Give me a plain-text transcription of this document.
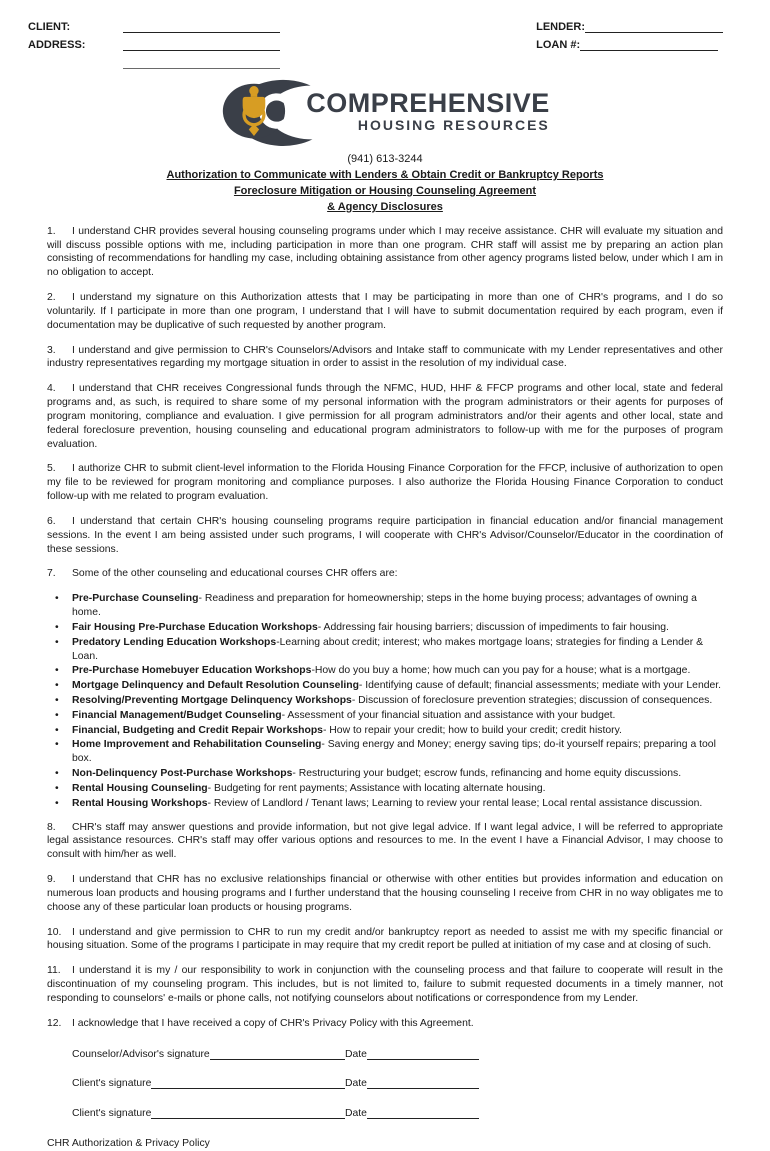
CLIENT:
ADDRESS:
LENDER:
LOAN #:
COMPREHENSIVE
HOUSING RESOURCES
(941) 613-3244
Authorization to Communicate with Lenders & Obtain Credit or Bankruptcy Reports
Foreclosure Mitigation or Housing Counseling Agreement
& Agency Disclosures

1. I understand CHR provides several housing counseling programs under which I may receive assistance. CHR will evaluate my situation and will discuss possible options with me, including participation in more than one program. CHR staff will assist me by preparing an action plan consisting of recommendations for handling my case, including obtaining assistance from other agency programs listed below, under which I am in no obligation to accept.

2. I understand my signature on this Authorization attests that I may be participating in more than one of CHR's programs, and I do so voluntarily. If I participate in more than one program, I understand that I will have to submit documentation required by each program, even if documentation may be duplicative of such requested by another program.

3. I understand and give permission to CHR's Counselors/Advisors and Intake staff to communicate with my Lender representatives and other industry representatives regarding my mortgage situation in order to assist in the resolution of my individual case.

4. I understand that CHR receives Congressional funds through the NFMC, HUD, HHF & FFCP programs and other local, state and federal programs and, as such, is required to share some of my personal information with the program administrators or their agents for purposes of program monitoring, compliance and evaluation. I give permission for all program administrators and/or their agents and other local, state and federal foreclosure prevention, housing counseling and educational program administrators to follow-up with me for the purposes of program evaluation.

5. I authorize CHR to submit client-level information to the Florida Housing Finance Corporation for the FFCP, inclusive of authorization to open my file to be reviewed for program monitoring and compliance purposes. I also authorize the Florida Housing Finance Corporation to conduct follow-up with me related to program evaluation.

6. I understand that certain CHR's housing counseling programs require participation in financial education and/or financial management sessions. In the event I am being assisted under such programs, I will cooperate with CHR's Advisor/Counselor/Educator in the coordination of these sessions.

7. Some of the other counseling and educational courses CHR offers are:

• Pre-Purchase Counseling- Readiness and preparation for homeownership; steps in the home buying process; advantages of owning a home.
• Fair Housing Pre-Purchase Education Workshops- Addressing fair housing barriers; discussion of impediments to fair housing.
• Predatory Lending Education Workshops-Learning about credit; interest; who makes mortgage loans; strategies for finding a Lender & Loan.
• Pre-Purchase Homebuyer Education Workshops-How do you buy a home; how much can you pay for a house; what is a mortgage.
• Mortgage Delinquency and Default Resolution Counseling- Identifying cause of default; financial assessments; mediate with your Lender.
• Resolving/Preventing Mortgage Delinquency Workshops- Discussion of foreclosure prevention strategies; discussion of consequences.
• Financial Management/Budget Counseling- Assessment of your financial situation and assistance with your budget.
• Financial, Budgeting and Credit Repair Workshops- How to repair your credit; how to build your credit; credit history.
• Home Improvement and Rehabilitation Counseling- Saving energy and Money; energy saving tips; do-it yourself repairs; preparing a tool box.
• Non-Delinquency Post-Purchase Workshops- Restructuring your budget; escrow funds, refinancing and home equity discussions.
• Rental Housing Counseling- Budgeting for rent payments; Assistance with locating alternate housing.
• Rental Housing Workshops- Review of Landlord / Tenant laws; Learning to review your rental lease; Local rental assistance discussion.

8. CHR's staff may answer questions and provide information, but not give legal advice. If I want legal advice, I will be referred to appropriate legal assistance resources. CHR's staff may offer various options and resources to me. In the event I have a Financial Advisor, I may choose to consult with him/her as well.

9. I understand that CHR has no exclusive relationships financial or otherwise with other entities but provides information and education on numerous loan products and housing programs and I further understand that the housing counseling I receive from CHR in no way obligates me to choose any of these particular loan products or housing programs.

10. I understand and give permission to CHR to run my credit and/or bankruptcy report as needed to assist me with my specific financial or housing situation. Some of the programs I participate in may require that my credit report be pulled at initiation of my case and at closing of such.

11. I understand it is my / our responsibility to work in conjunction with the counseling process and that failure to cooperate will result in the discontinuation of my counseling program. This includes, but is not limited to, failure to submit requested documents in a timely manner, not responding to counselors' e-mails or phone calls, not notifying counselors about notifications or correspondence from my Lender.

12. I acknowledge that I have received a copy of CHR's Privacy Policy with this Agreement.

Counselor/Advisor's signature	Date
Client's signature	Date
Client's signature	Date
CHR Authorization & Privacy Policy
